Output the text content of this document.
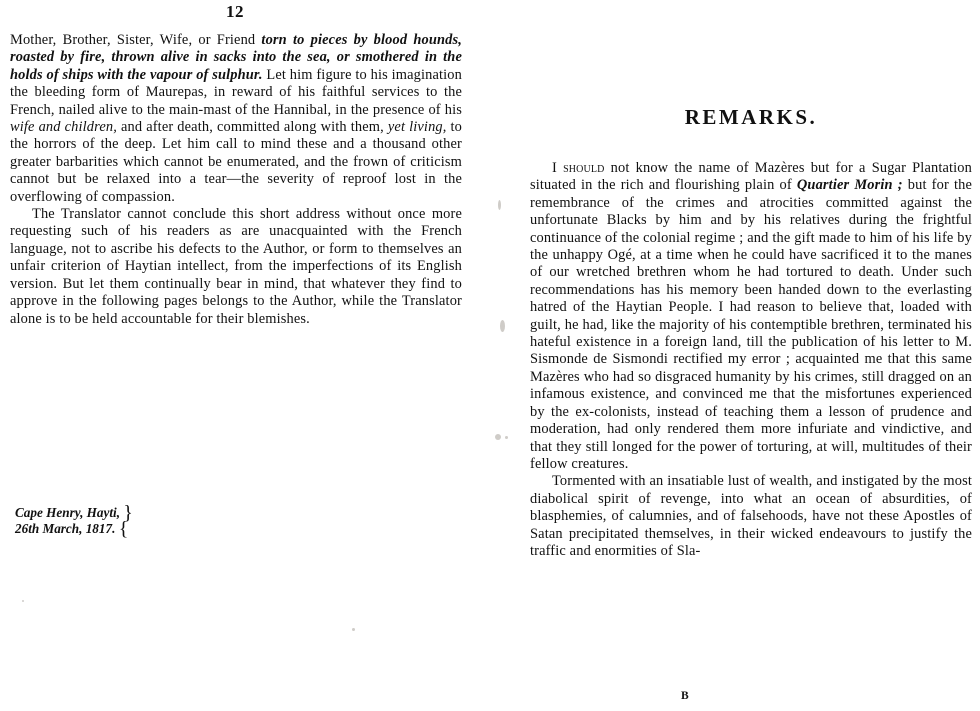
12

Mother, Brother, Sister, Wife, or Friend torn to pieces by blood hounds, roasted by fire, thrown alive in sacks into the sea, or smothered in the holds of ships with the vapour of sulphur. Let him figure to his imagination the bleeding form of Maurepas, in reward of his faithful services to the French, nailed alive to the main-mast of the Hannibal, in the presence of his wife and children, and after death, committed along with them, yet living, to the horrors of the deep. Let him call to mind these and a thousand other greater barbarities which cannot be enumerated, and the frown of criticism cannot but be relaxed into a tear—the severity of reproof lost in the overflowing of compassion.

The Translator cannot conclude this short address without once more requesting such of his readers as are unacquainted with the French language, not to ascribe his defects to the Author, or form to themselves an unfair criterion of Haytian intellect, from the imperfections of its English version. But let them continually bear in mind, that whatever they find to approve in the following pages belongs to the Author, while the Translator alone is to be held accountable for their blemishes.

Cape Henry, Hayti, }
26th March, 1817. {
REMARKS.

I should not know the name of Mazères but for a Sugar Plantation situated in the rich and flourishing plain of Quartier Morin ; but for the remembrance of the crimes and atrocities committed against the unfortunate Blacks by him and by his relatives during the frightful continuance of the colonial regime ; and the gift made to him of his life by the unhappy Ogé, at a time when he could have sacrificed it to the manes of our wretched brethren whom he had tortured to death. Under such recommendations has his memory been handed down to the everlasting hatred of the Haytian People. I had reason to believe that, loaded with guilt, he had, like the majority of his contemptible brethren, terminated his hateful existence in a foreign land, till the publication of his letter to M. Sismonde de Sismondi rectified my error ; acquainted me that this same Mazères who had so disgraced humanity by his crimes, still dragged on an infamous existence, and convinced me that the misfortunes experienced by the ex-colonists, instead of teaching them a lesson of prudence and moderation, had only rendered them more infuriate and vindictive, and that they still longed for the power of torturing, at will, multitudes of their fellow creatures.

Tormented with an insatiable lust of wealth, and instigated by the most diabolical spirit of revenge, into what an ocean of absurdities, of blasphemies, of calumnies, and of falsehoods, have not these Apostles of Satan precipitated themselves, in their wicked endeavours to justify the traffic and enormities of Sla-

B
